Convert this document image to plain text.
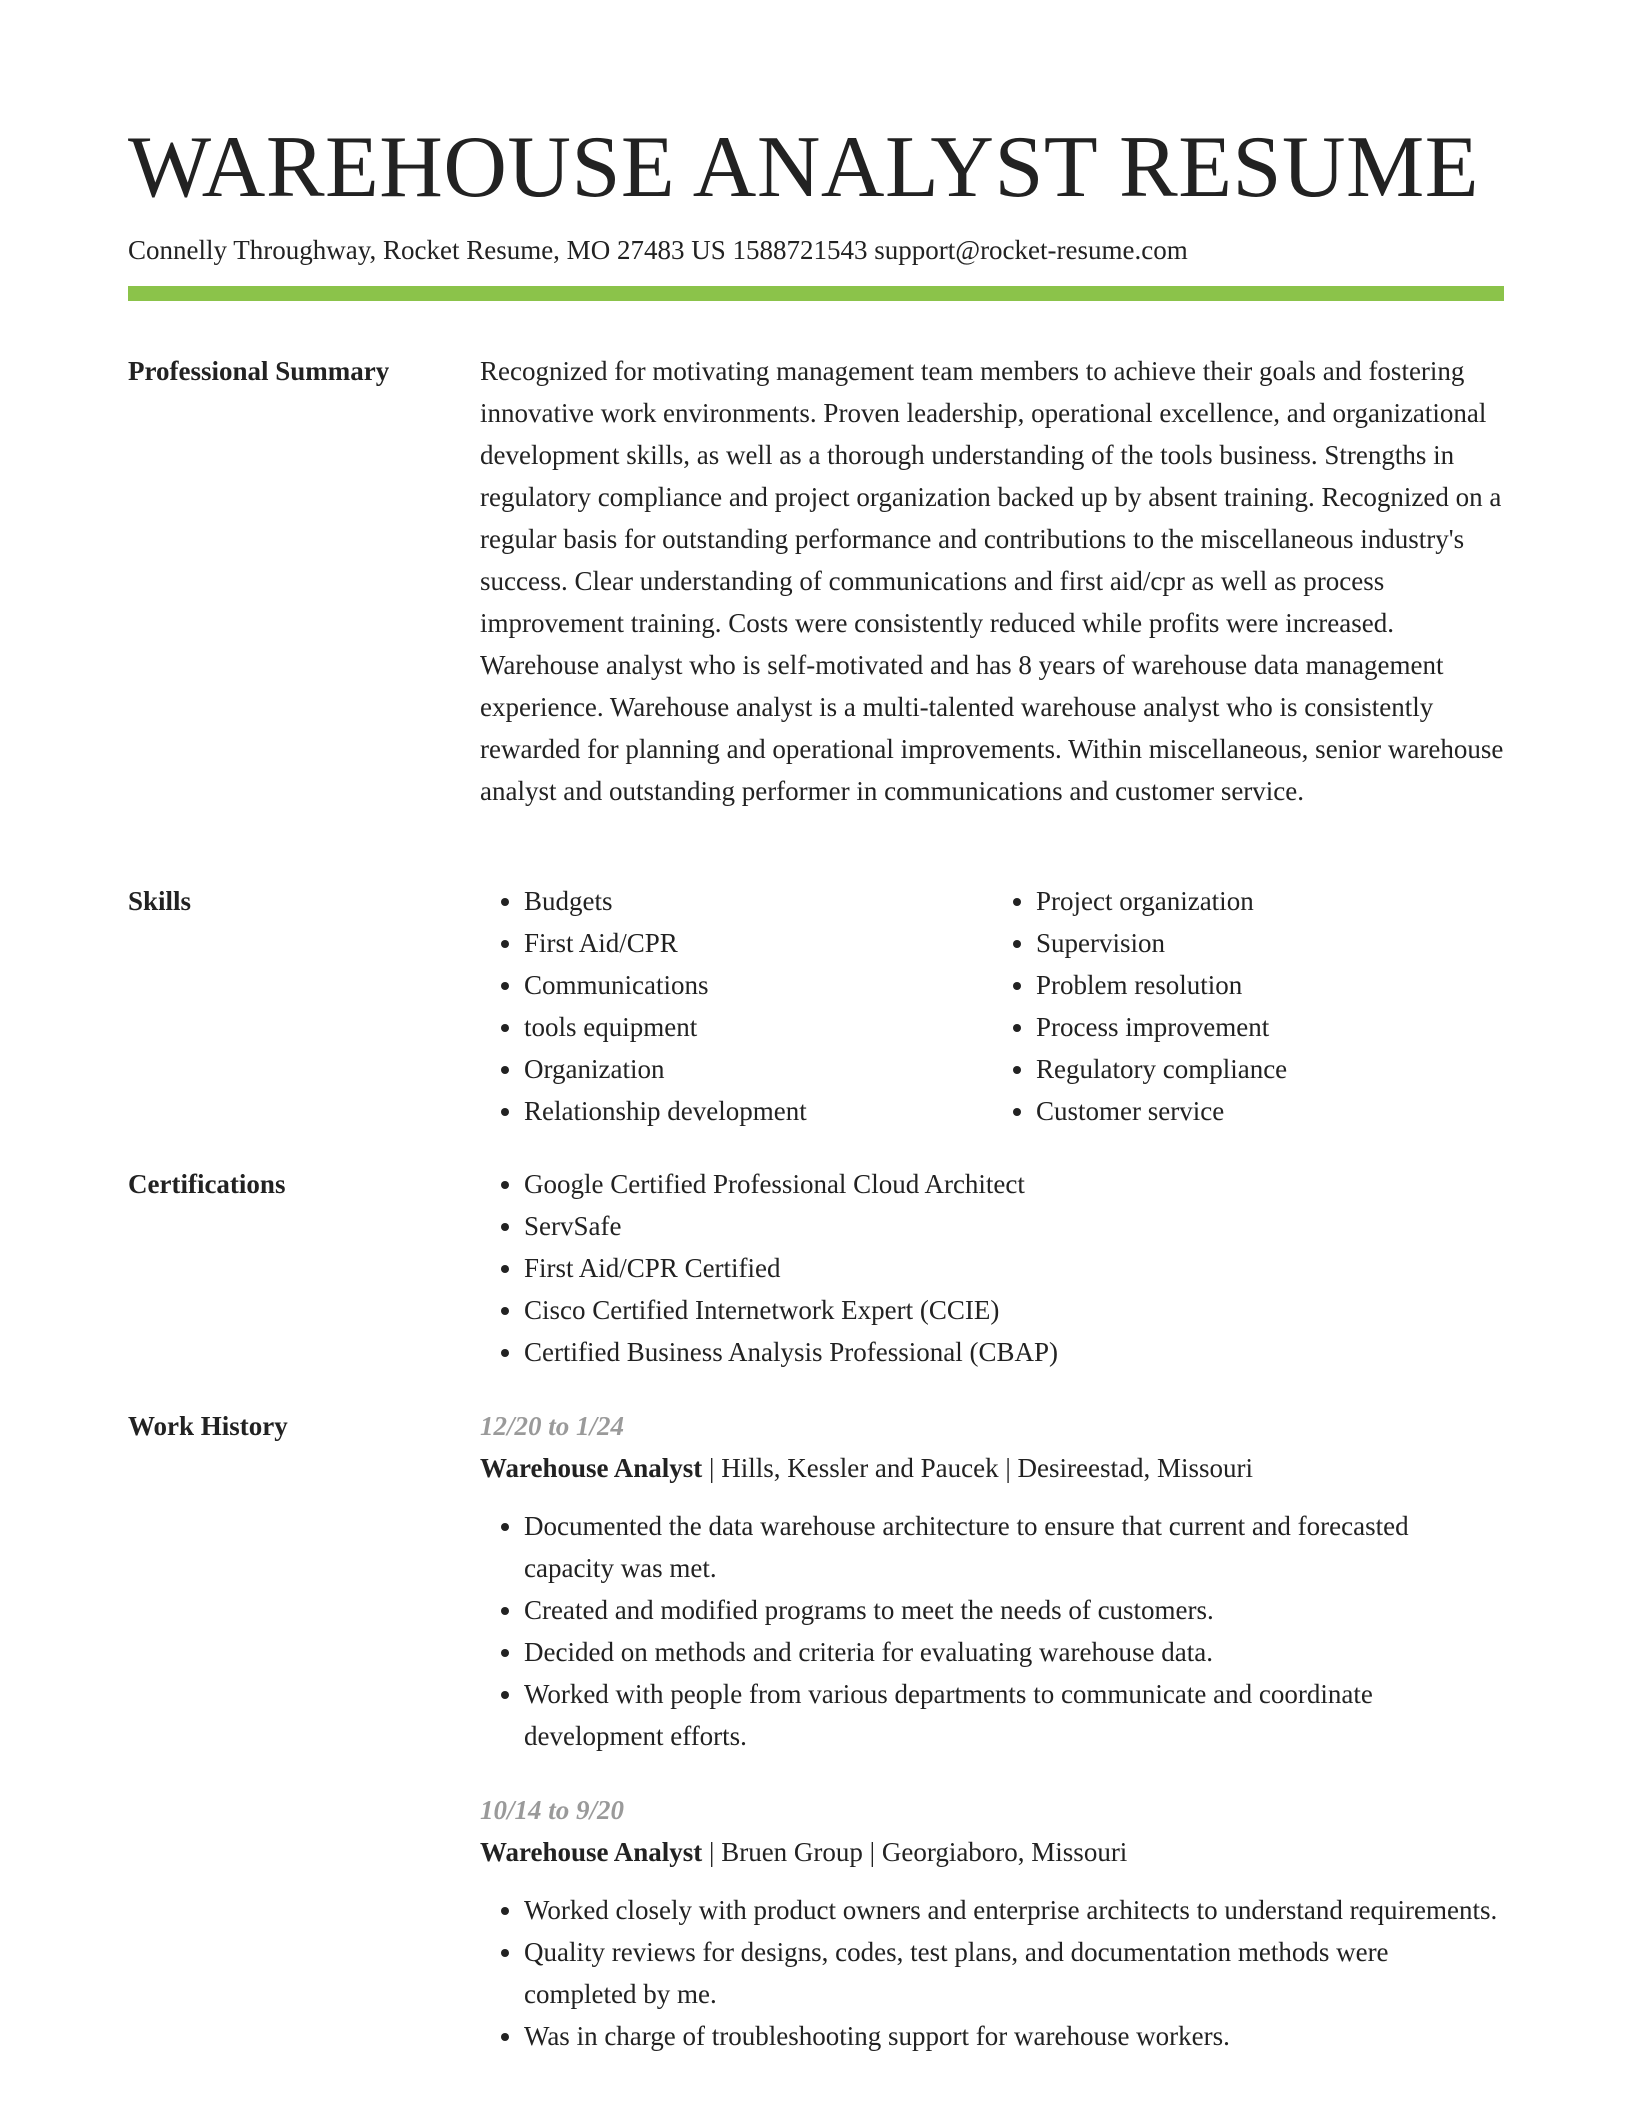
WAREHOUSE ANALYST RESUME
Connelly Throughway, Rocket Resume, MO 27483 US 1588721543 support@rocket-resume.com
Professional Summary	Recognized for motivating management team members to achieve their goals and fostering innovative work environments. Proven leadership, operational excellence, and organizational development skills, as well as a thorough understanding of the tools business. Strengths in regulatory compliance and project organization backed up by absent training. Recognized on a regular basis for outstanding performance and contributions to the miscellaneous industry's success. Clear understanding of communications and first aid/cpr as well as process improvement training. Costs were consistently reduced while profits were increased. Warehouse analyst who is self-motivated and has 8 years of warehouse data management experience. Warehouse analyst is a multi-talented warehouse analyst who is consistently rewarded for planning and operational improvements. Within miscellaneous, senior warehouse analyst and outstanding performer in communications and customer service.

Skills	• Budgets
• First Aid/CPR
• Communications
• tools equipment
• Organization
• Relationship development
• Project organization
• Supervision
• Problem resolution
• Process improvement
• Regulatory compliance
• Customer service
Certifications	• Google Certified Professional Cloud Architect
• ServSafe
• First Aid/CPR Certified
• Cisco Certified Internetwork Expert (CCIE)
• Certified Business Analysis Professional (CBAP)
Work History	12/20 to 1/24
Warehouse Analyst | Hills, Kessler and Paucek | Desireestad, Missouri
• Documented the data warehouse architecture to ensure that current and forecasted capacity was met.
• Created and modified programs to meet the needs of customers.
• Decided on methods and criteria for evaluating warehouse data.
• Worked with people from various departments to communicate and coordinate development efforts.
10/14 to 9/20
Warehouse Analyst | Bruen Group | Georgiaboro, Missouri
• Worked closely with product owners and enterprise architects to understand requirements.
• Quality reviews for designs, codes, test plans, and documentation methods were completed by me.
• Was in charge of troubleshooting support for warehouse workers.
